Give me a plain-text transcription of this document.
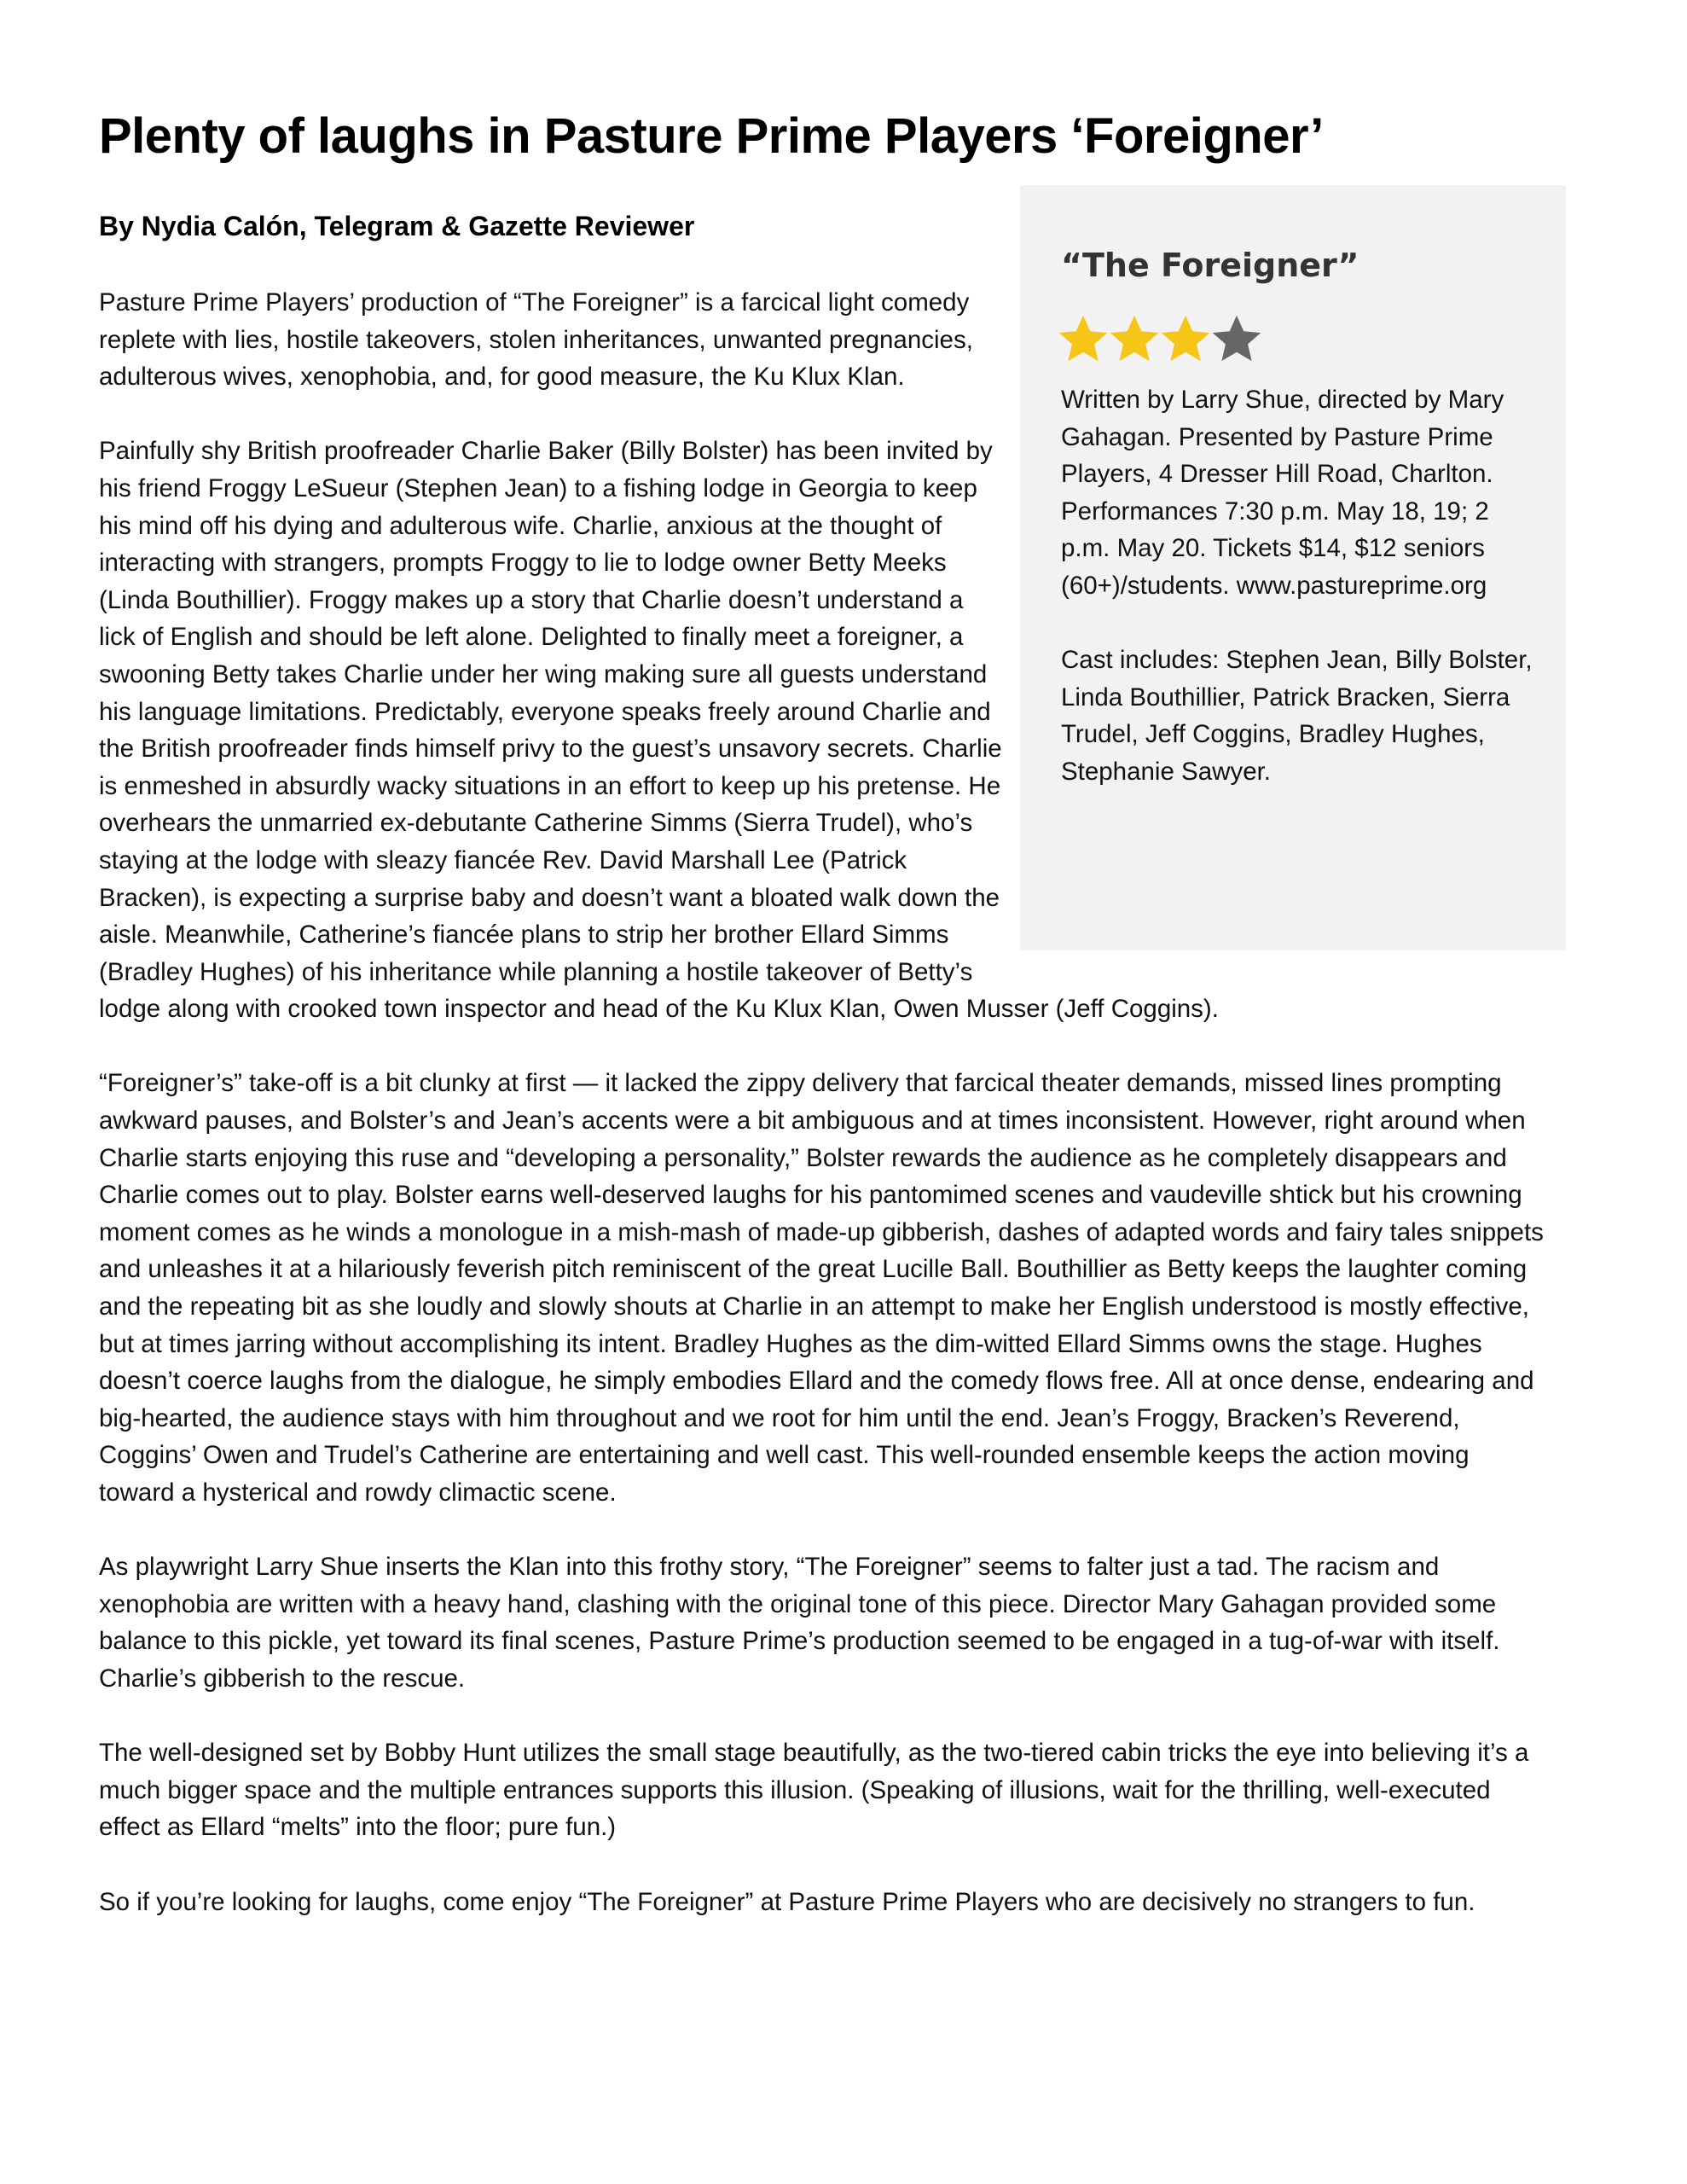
Plenty of laughs in Pasture Prime Players ‘Foreigner’
By Nydia Calón, Telegram & Gazette Reviewer
“The Foreigner”

Written by Larry Shue, directed by Mary Gahagan. Presented by Pasture Prime Players, 4 Dresser Hill Road, Charlton. Performances 7:30 p.m. May 18, 19; 2 p.m. May 20. Tickets $14, $12 seniors (60+)/students. www.pastureprime.org

Cast includes: Stephen Jean, Billy Bolster, Linda Bouthillier, Patrick Bracken, Sierra Trudel, Jeff Coggins, Bradley Hughes, Stephanie Sawyer.

Pasture Prime Players’ production of “The Foreigner” is a farcical light comedy replete with lies, hostile takeovers, stolen inheritances, unwanted pregnancies, adulterous wives, xenophobia, and, for good measure, the Ku Klux Klan.

Painfully shy British proofreader Charlie Baker (Billy Bolster) has been invited by his friend Froggy LeSueur (Stephen Jean) to a fishing lodge in Georgia to keep his mind off his dying and adulterous wife. Charlie, anxious at the thought of interacting with strangers, prompts Froggy to lie to lodge owner Betty Meeks (Linda Bouthillier). Froggy makes up a story that Charlie doesn’t understand a lick of English and should be left alone. Delighted to finally meet a foreigner, a swooning Betty takes Charlie under her wing making sure all guests understand his language limitations. Predictably, everyone speaks freely around Charlie and the British proofreader finds himself privy to the guest’s unsavory secrets. Charlie is enmeshed in absurdly wacky situations in an effort to keep up his pretense. He overhears the unmarried ex-debutante Catherine Simms (Sierra Trudel), who’s staying at the lodge with sleazy fiancée Rev. David Marshall Lee (Patrick Bracken), is expecting a surprise baby and doesn’t want a bloated walk down the aisle. Meanwhile, Catherine’s fiancée plans to strip her brother Ellard Simms (Bradley Hughes) of his inheritance while planning a hostile takeover of Betty’s lodge along with crooked town inspector and head of the Ku Klux Klan, Owen Musser (Jeff Coggins).

“Foreigner’s” take-off is a bit clunky at first — it lacked the zippy delivery that farcical theater demands, missed lines prompting awkward pauses, and Bolster’s and Jean’s accents were a bit ambiguous and at times inconsistent. However, right around when Charlie starts enjoying this ruse and “developing a personality,” Bolster rewards the audience as he completely disappears and Charlie comes out to play. Bolster earns well-deserved laughs for his pantomimed scenes and vaudeville shtick but his crowning moment comes as he winds a monologue in a mish-mash of made-up gibberish, dashes of adapted words and fairy tales snippets and unleashes it at a hilariously feverish pitch reminiscent of the great Lucille Ball. Bouthillier as Betty keeps the laughter coming and the repeating bit as she loudly and slowly shouts at Charlie in an attempt to make her English understood is mostly effective, but at times jarring without accomplishing its intent. Bradley Hughes as the dim-witted Ellard Simms owns the stage. Hughes doesn’t coerce laughs from the dialogue, he simply embodies Ellard and the comedy flows free. All at once dense, endearing and big-hearted, the audience stays with him throughout and we root for him until the end. Jean’s Froggy, Bracken’s Reverend, Coggins’ Owen and Trudel’s Catherine are entertaining and well cast. This well-rounded ensemble keeps the action moving toward a hysterical and rowdy climactic scene.

As playwright Larry Shue inserts the Klan into this frothy story, “The Foreigner” seems to falter just a tad. The racism and xenophobia are written with a heavy hand, clashing with the original tone of this piece. Director Mary Gahagan provided some balance to this pickle, yet toward its final scenes, Pasture Prime’s production seemed to be engaged in a tug-of-war with itself. Charlie’s gibberish to the rescue.

The well-designed set by Bobby Hunt utilizes the small stage beautifully, as the two-tiered cabin tricks the eye into believing it’s a much bigger space and the multiple entrances supports this illusion. (Speaking of illusions, wait for the thrilling, well-executed effect as Ellard “melts” into the floor; pure fun.)

So if you’re looking for laughs, come enjoy “The Foreigner” at Pasture Prime Players who are decisively no strangers to fun.
